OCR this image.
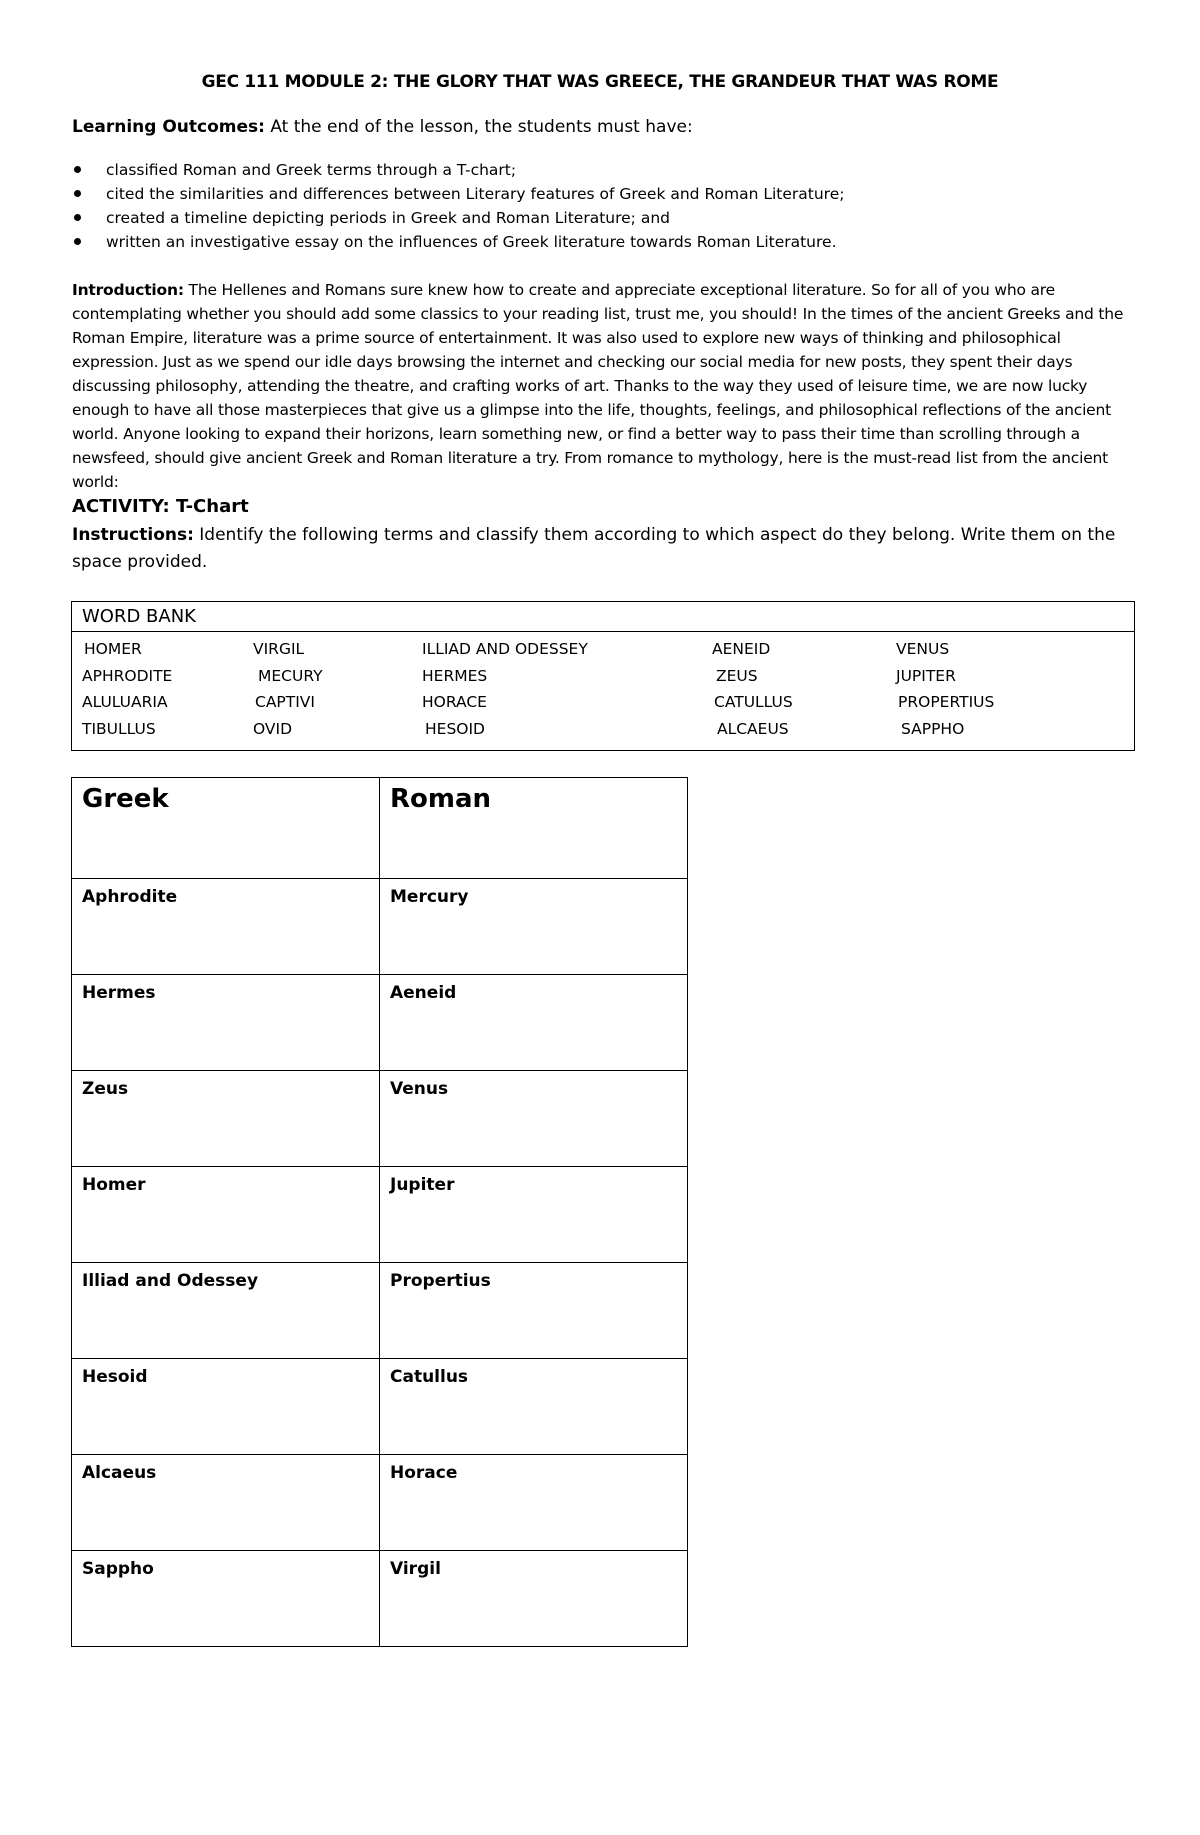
GEC 111 MODULE 2: THE GLORY THAT WAS GREECE, THE GRANDEUR THAT WAS ROME
Learning Outcomes: At the end of the lesson, the students must have:
classified Roman and Greek terms through a T-chart;
cited the similarities and differences between Literary features of Greek and Roman Literature;
created a timeline depicting periods in Greek and Roman Literature; and
written an investigative essay on the influences of Greek literature towards Roman Literature.
Introduction: The Hellenes and Romans sure knew how to create and appreciate exceptional literature. So for all of you who are contemplating whether you should add some classics to your reading list, trust me, you should! In the times of the ancient Greeks and the Roman Empire, literature was a prime source of entertainment. It was also used to explore new ways of thinking and philosophical expression. Just as we spend our idle days browsing the internet and checking our social media for new posts, they spent their days discussing philosophy, attending the theatre, and crafting works of art. Thanks to the way they used of leisure time, we are now lucky enough to have all those masterpieces that give us a glimpse into the life, thoughts, feelings, and philosophical reflections of the ancient world. Anyone looking to expand their horizons, learn something new, or find a better way to pass their time than scrolling through a newsfeed, should give ancient Greek and Roman literature a try. From romance to mythology, here is the must-read list from the ancient world:
ACTIVITY: T-Chart
Instructions: Identify the following terms and classify them according to which aspect do they belong. Write them on the space provided.
WORD BANK
HOMER	VIRGIL	ILLIAD AND ODESSEY	AENEID	VENUS
APHRODITE	MECURY	HERMES	ZEUS	JUPITER
ALULUARIA	CAPTIVI	HORACE	CATULLUS	PROPERTIUS
TIBULLUS	OVID	HESOID	ALCAEUS	SAPPHO
Greek	Roman
Aphrodite	Mercury
Hermes	Aeneid
Zeus	Venus
Homer	Jupiter
Illiad and Odessey	Propertius
Hesoid	Catullus
Alcaeus	Horace
Sappho	Virgil
